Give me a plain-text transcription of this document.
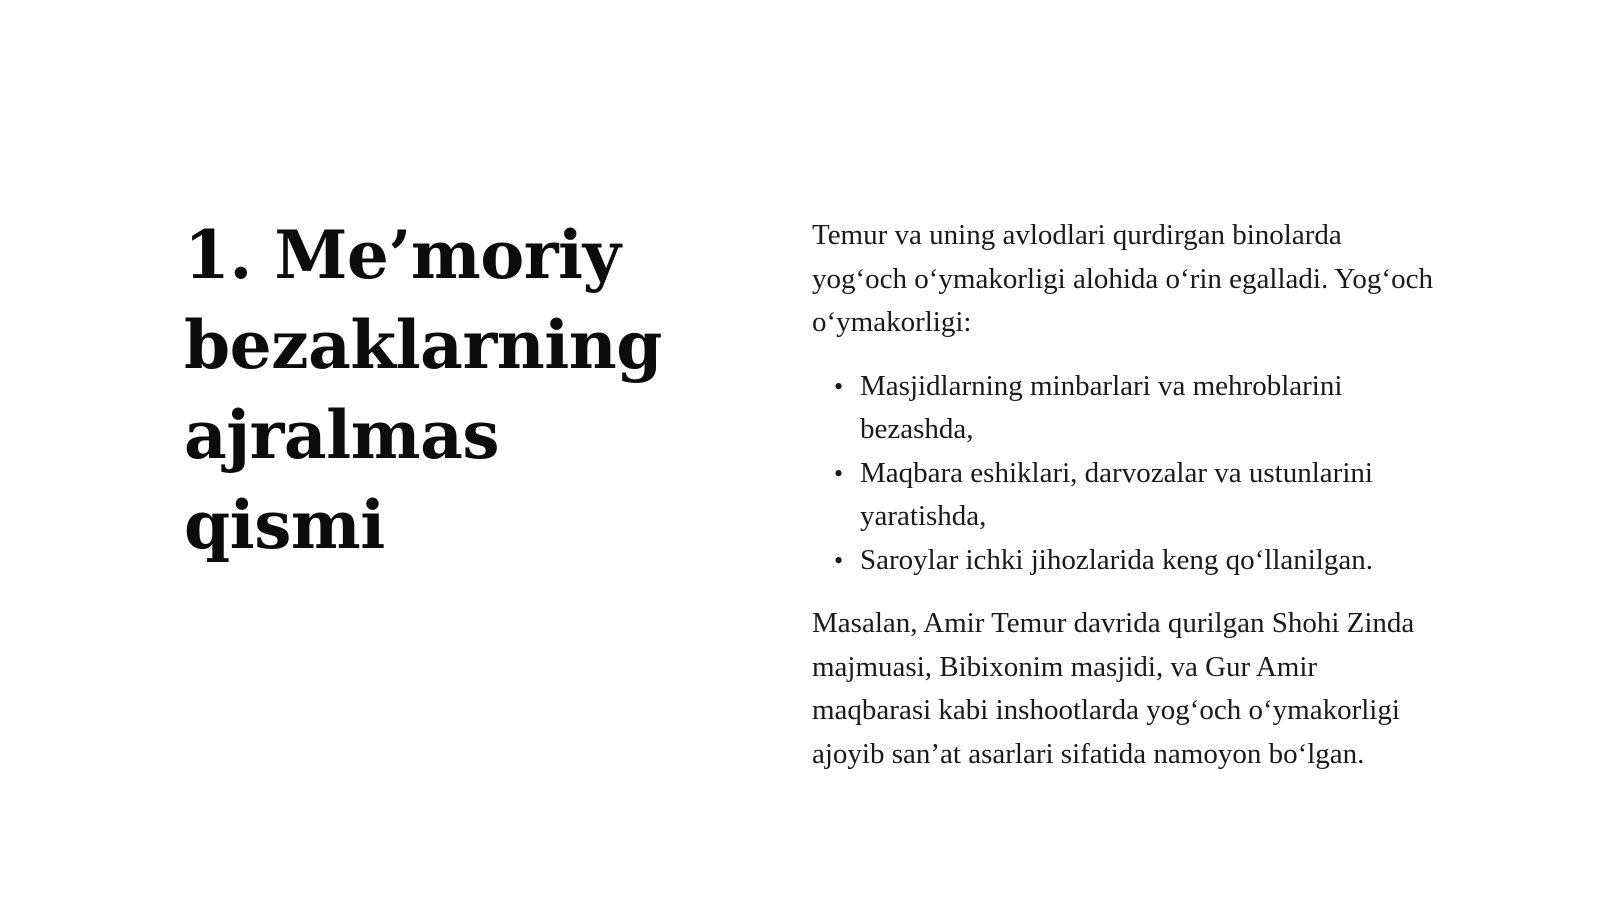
1. Me’moriy bezaklarning ajralmas qismi

Temur va uning avlodlari qurdirgan binolarda yog‘och o‘ymakorligi alohida o‘rin egalladi. Yog‘och o‘ymakorligi:

• Masjidlarning minbarlari va mehroblarini bezashda,
• Maqbara eshiklari, darvozalar va ustunlarini yaratishda,
• Saroylar ichki jihozlarida keng qo‘llanilgan.

Masalan, Amir Temur davrida qurilgan Shohi Zinda majmuasi, Bibixonim masjidi, va Gur Amir maqbarasi kabi inshootlarda yog‘och o‘ymakorligi ajoyib san’at asarlari sifatida namoyon bo‘lgan.
